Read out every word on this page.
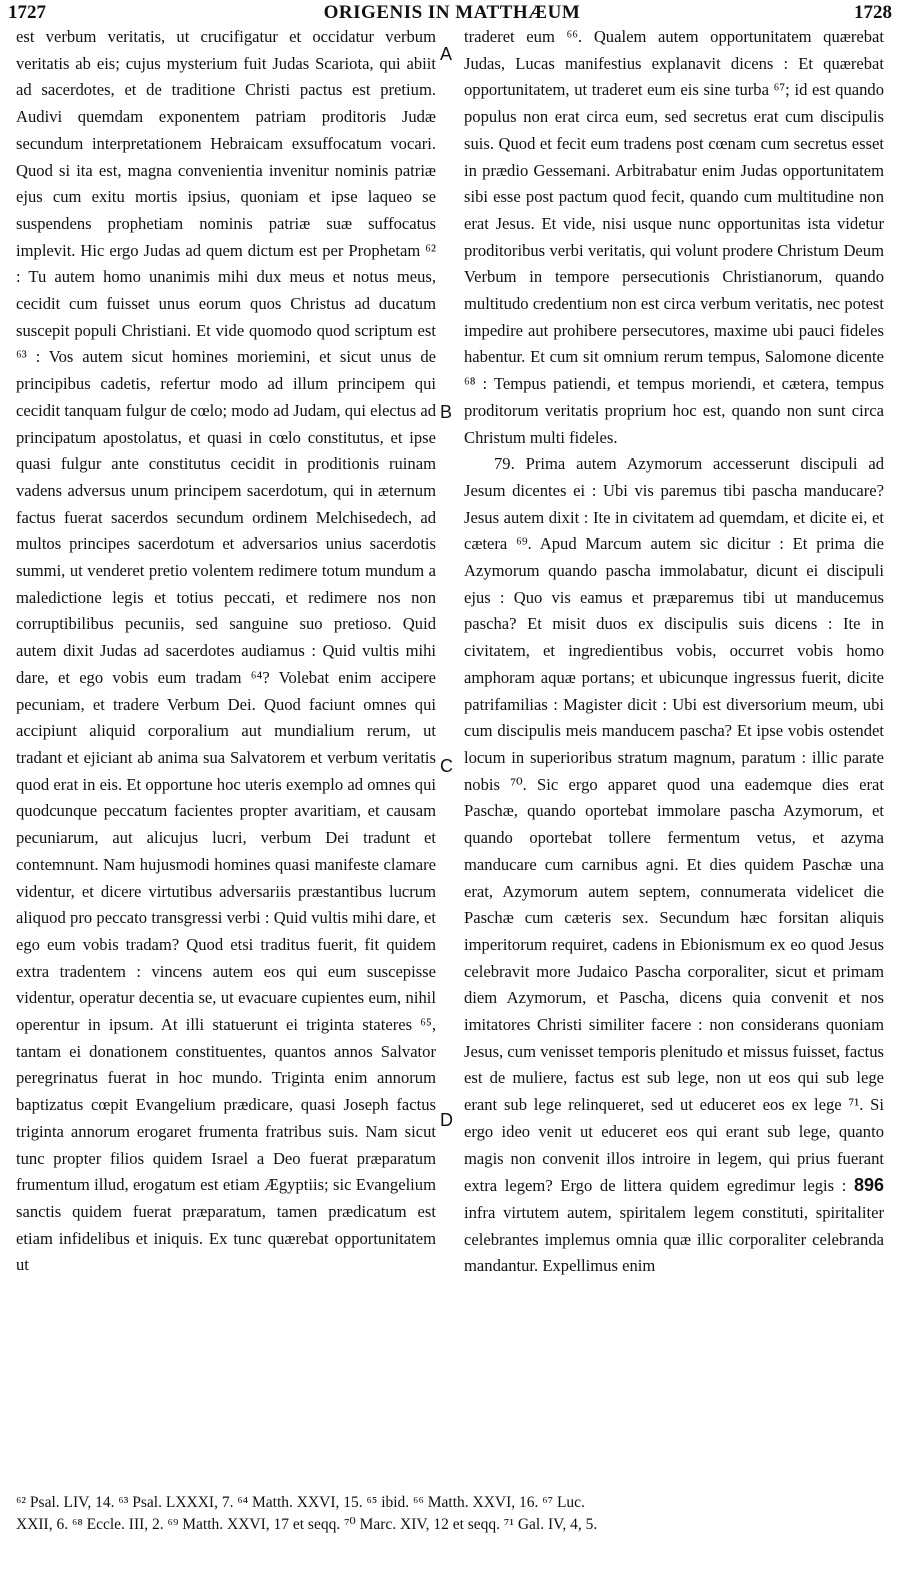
1727	ORIGENIS IN MATTHÆUM	1728

est verbum veritatis, ut crucifigatur et occidatur verbum veritatis ab eis; cujus mysterium fuit Judas Scariota, qui abiit ad sacerdotes, et de traditione Christi pactus est pretium. Audivi quemdam exponentem patriam proditoris Judæ secundum interpretationem Hebraicam exsuffocatum vocari. Quod si ita est, magna convenientia invenitur nominis patriæ ejus cum exitu mortis ipsius, quoniam et ipse laqueo se suspendens prophetiam nominis patriæ suæ suffocatus implevit. Hic ergo Judas ad quem dictum est per Prophetam ⁶² : Tu autem homo unanimis mihi dux meus et notus meus, cecidit cum fuisset unus eorum quos Christus ad ducatum suscepit populi Christiani. Et vide quomodo quod scriptum est ⁶³ : Vos autem sicut homines moriemini, et sicut unus de principibus cadetis, refertur modo ad illum principem qui cecidit tanquam fulgur de cœlo; modo ad Judam, qui electus ad principatum apostolatus, et quasi in cœlo constitutus, et ipse quasi fulgur ante constitutus cecidit in proditionis ruinam vadens adversus unum principem sacerdotum, qui in æternum factus fuerat sacerdos secundum ordinem Melchisedech, ad multos principes sacerdotum et adversarios unius sacerdotis summi, ut venderet pretio volentem redimere totum mundum a maledictione legis et totius peccati, et redimere nos non corruptibilibus pecuniis, sed sanguine suo pretioso. Quid autem dixit Judas ad sacerdotes audiamus : Quid vultis mihi dare, et ego vobis eum tradam ⁶⁴? Volebat enim accipere pecuniam, et tradere Verbum Dei. Quod faciunt omnes qui accipiunt aliquid corporalium aut mundialium rerum, ut tradant et ejiciant ab anima sua Salvatorem et verbum veritatis quod erat in eis. Et opportune hoc uteris exemplo ad omnes qui quodcunque peccatum facientes propter avaritiam, et causam pecuniarum, aut alicujus lucri, verbum Dei tradunt et contemnunt. Nam hujusmodi homines quasi manifeste clamare videntur, et dicere virtutibus adversariis præstantibus lucrum aliquod pro peccato transgressi verbi : Quid vultis mihi dare, et ego eum vobis tradam? Quod etsi traditus fuerit, fit quidem extra tradentem : vincens autem eos qui eum suscepisse videntur, operatur decentia se, ut evacuare cupientes eum, nihil operentur in ipsum. At illi statuerunt ei triginta stateres ⁶⁵, tantam ei donationem constituentes, quantos annos Salvator peregrinatus fuerat in hoc mundo. Triginta enim annorum baptizatus cœpit Evangelium prædicare, quasi Joseph factus triginta annorum erogaret frumenta fratribus suis. Nam sicut tunc propter filios quidem Israel a Deo fuerat præparatum frumentum illud, erogatum est etiam Ægyptiis; sic Evangelium sanctis quidem fuerat præparatum, tamen prædicatum est etiam infidelibus et iniquis. Ex tunc quærebat opportunitatem ut

A
B
C
D

traderet eum ⁶⁶. Qualem autem opportunitatem quærebat Judas, Lucas manifestius explanavit dicens : Et quærebat opportunitatem, ut traderet eum eis sine turba ⁶⁷; id est quando populus non erat circa eum, sed secretus erat cum discipulis suis. Quod et fecit eum tradens post cœnam cum secretus esset in prædio Gessemani. Arbitrabatur enim Judas opportunitatem sibi esse post pactum quod fecit, quando cum multitudine non erat Jesus. Et vide, nisi usque nunc opportunitas ista videtur proditoribus verbi veritatis, qui volunt prodere Christum Deum Verbum in tempore persecutionis Christianorum, quando multitudo credentium non est circa verbum veritatis, nec potest impedire aut prohibere persecutores, maxime ubi pauci fideles habentur. Et cum sit omnium rerum tempus, Salomone dicente ⁶⁸ : Tempus patiendi, et tempus moriendi, et cætera, tempus proditorum veritatis proprium hoc est, quando non sunt circa Christum multi fideles.

79. Prima autem Azymorum accesserunt discipuli ad Jesum dicentes ei : Ubi vis paremus tibi pascha manducare? Jesus autem dixit : Ite in civitatem ad quemdam, et dicite ei, et cætera ⁶⁹. Apud Marcum autem sic dicitur : Et prima die Azymorum quando pascha immolabatur, dicunt ei discipuli ejus : Quo vis eamus et præparemus tibi ut manducemus pascha? Et misit duos ex discipulis suis dicens : Ite in civitatem, et ingredientibus vobis, occurret vobis homo amphoram aquæ portans; et ubicunque ingressus fuerit, dicite patrifamilias : Magister dicit : Ubi est diversorium meum, ubi cum discipulis meis manducem pascha? Et ipse vobis ostendet locum in superioribus stratum magnum, paratum : illic parate nobis ⁷⁰. Sic ergo apparet quod una eademque dies erat Paschæ, quando oportebat immolare pascha Azymorum, et quando oportebat tollere fermentum vetus, et azyma manducare cum carnibus agni. Et dies quidem Paschæ una erat, Azymorum autem septem, connumerata videlicet die Paschæ cum cæteris sex. Secundum hæc forsitan aliquis imperitorum requiret, cadens in Ebionismum ex eo quod Jesus celebravit more Judaico Pascha corporaliter, sicut et primam diem Azymorum, et Pascha, dicens quia convenit et nos imitatores Christi similiter facere : non considerans quoniam Jesus, cum venisset temporis plenitudo et missus fuisset, factus est de muliere, factus est sub lege, non ut eos qui sub lege erant sub lege relinqueret, sed ut educeret eos ex lege ⁷¹. Si ergo ideo venit ut educeret eos qui erant sub lege, quanto magis non convenit illos introire in legem, qui prius fuerant extra legem? Ergo de littera quidem egredimur legis : 896 infra virtutem autem, spiritalem legem constituti, spiritaliter celebrantes implemus omnia quæ illic corporaliter celebranda mandantur. Expellimus enim

⁶² Psal. LIV, 14. ⁶³ Psal. LXXXI, 7. ⁶⁴ Matth. XXVI, 15. ⁶⁵ ibid. ⁶⁶ Matth. XXVI, 16. ⁶⁷ Luc.
XXII, 6. ⁶⁸ Eccle. III, 2. ⁶⁹ Matth. XXVI, 17 et seqq. ⁷⁰ Marc. XIV, 12 et seqq. ⁷¹ Gal. IV, 4, 5.
